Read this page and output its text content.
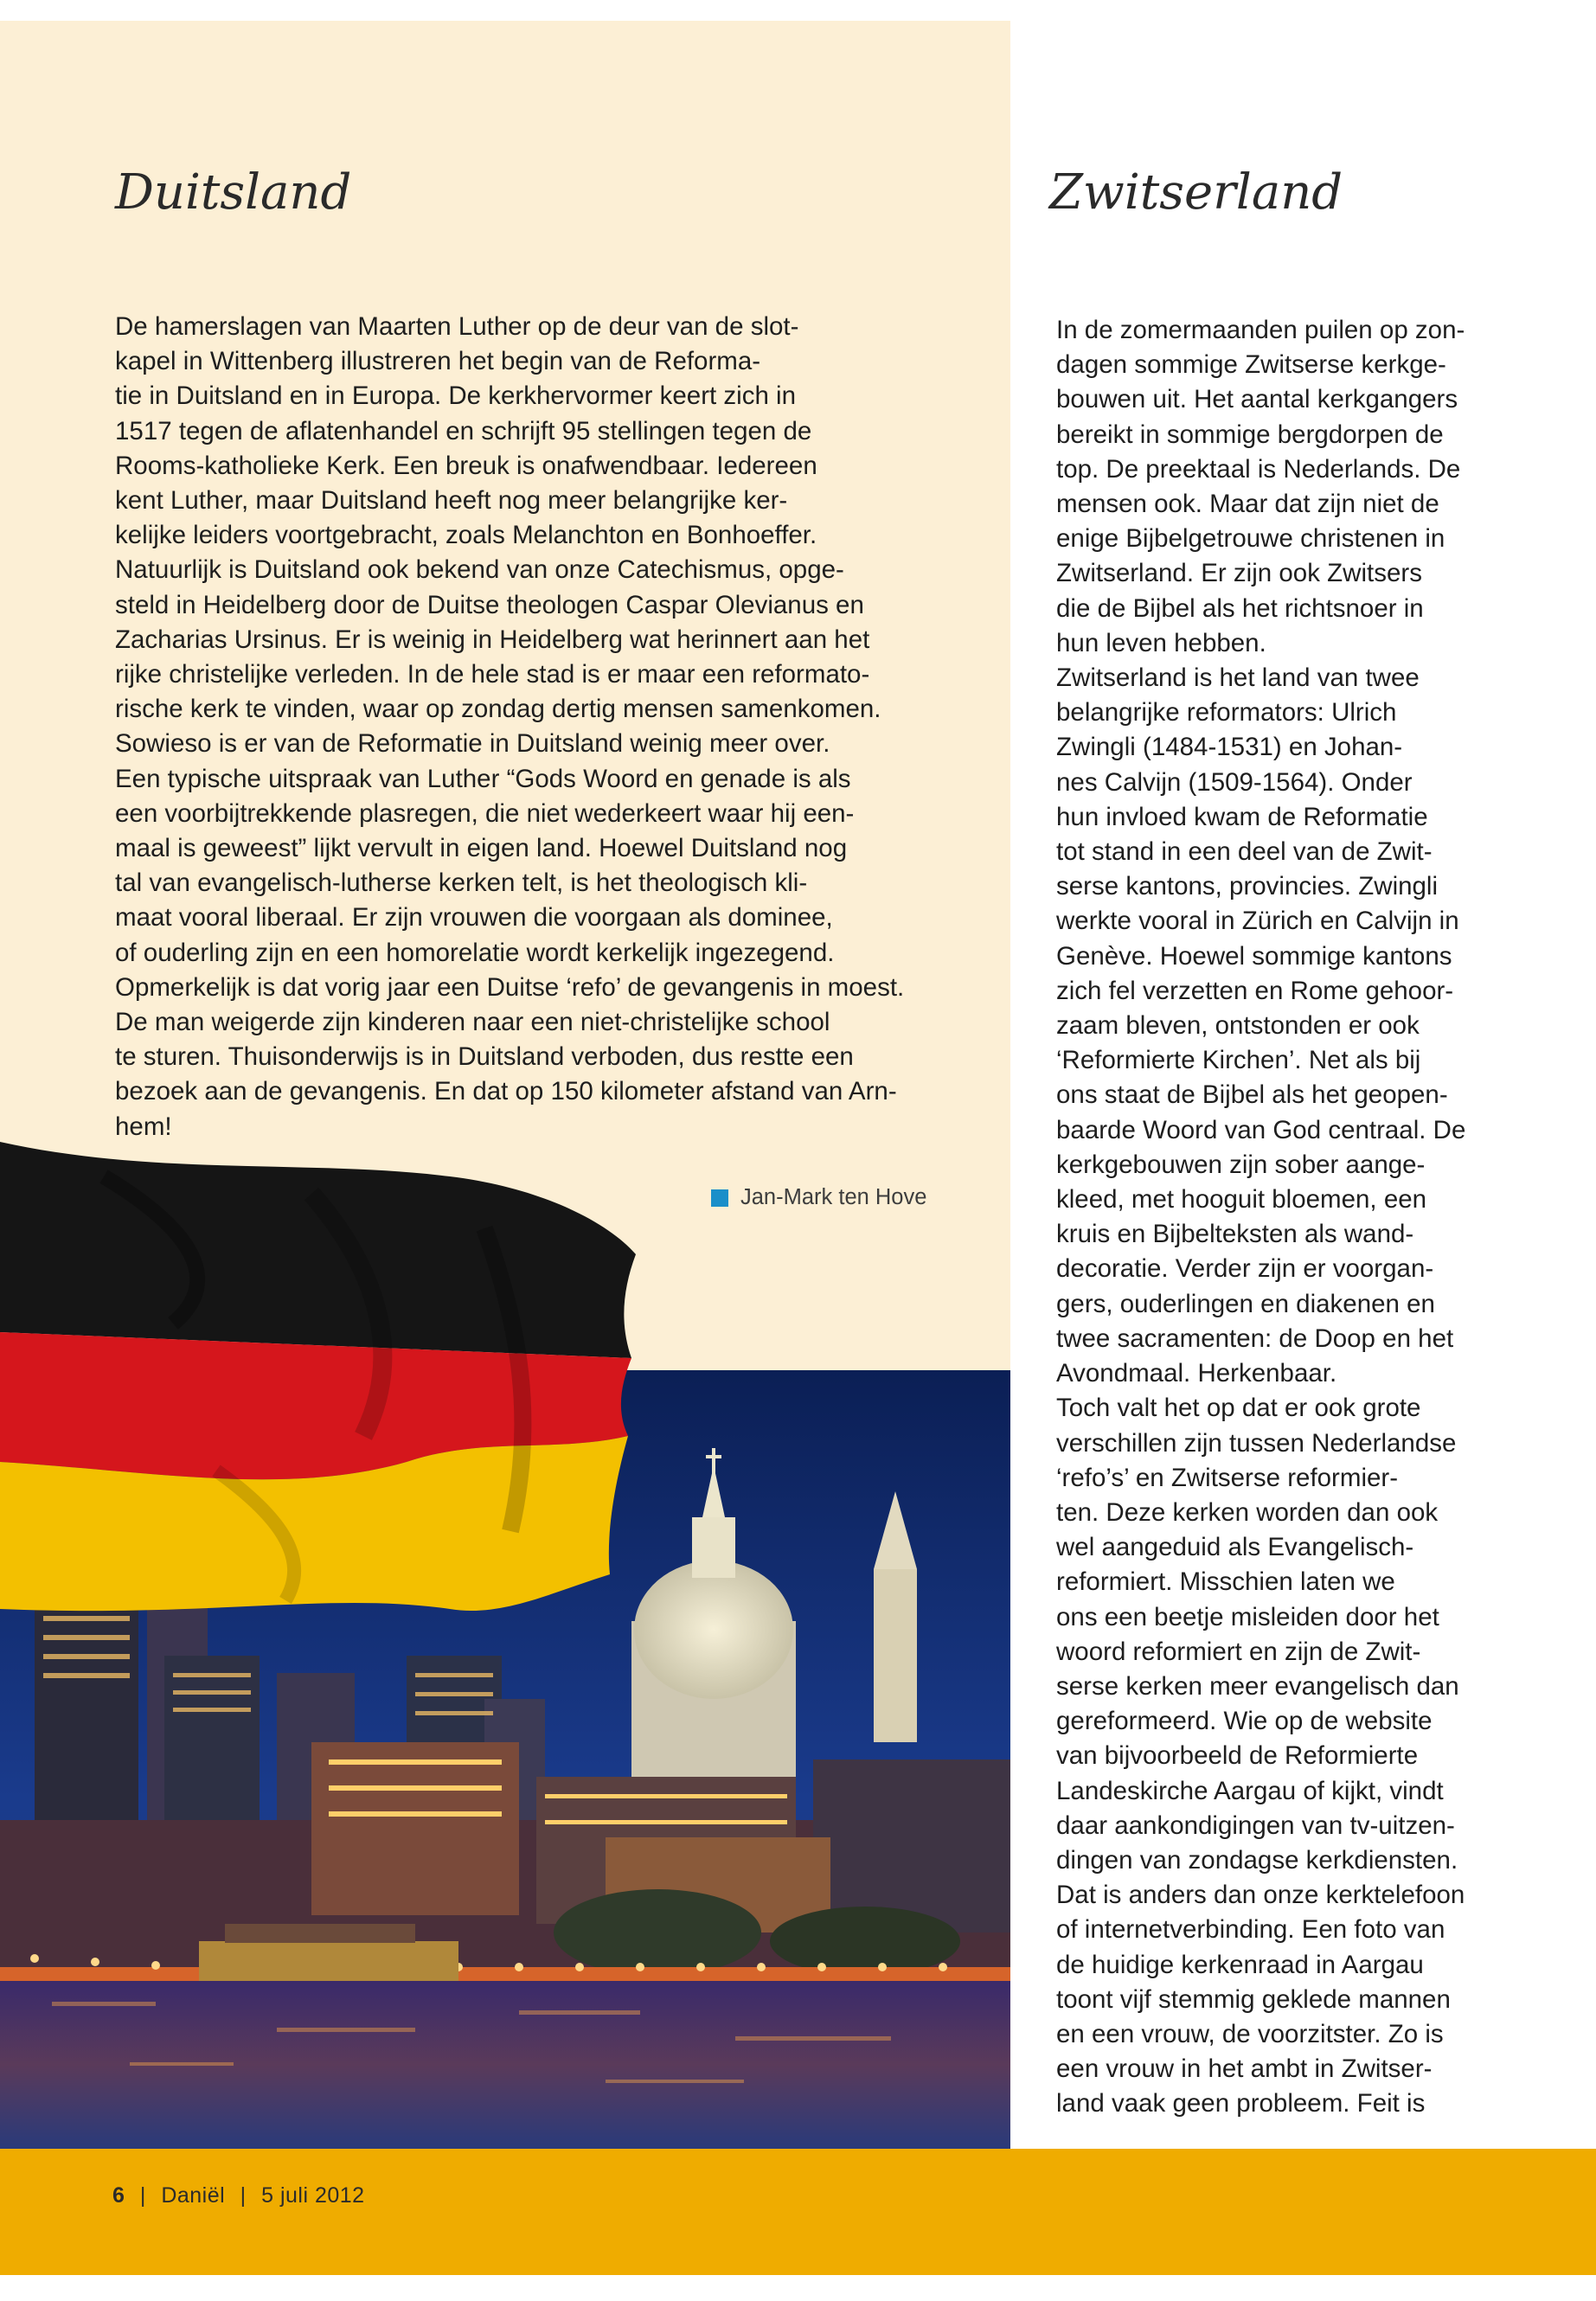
Duitsland	Zwitserland

De hamerslagen van Maarten Luther op de deur van de slot-
kapel in Wittenberg illustreren het begin van de Reforma-
tie in Duitsland en in Europa. De kerkhervormer keert zich in
1517 tegen de aflatenhandel en schrijft 95 stellingen tegen de
Rooms-katholieke Kerk. Een breuk is onafwendbaar. Iedereen
kent Luther, maar Duitsland heeft nog meer belangrijke ker-
kelijke leiders voortgebracht, zoals Melanchton en Bonhoeffer.
Natuurlijk is Duitsland ook bekend van onze Catechismus, opge-
steld in Heidelberg door de Duitse theologen Caspar Olevianus en
Zacharias Ursinus. Er is weinig in Heidelberg wat herinnert aan het
rijke christelijke verleden. In de hele stad is er maar een reformato-
rische kerk te vinden, waar op zondag dertig mensen samenkomen.
Sowieso is er van de Reformatie in Duitsland weinig meer over.
Een typische uitspraak van Luther “Gods Woord en genade is als
een voorbijtrekkende plasregen, die niet wederkeert waar hij een-
maal is geweest” lijkt vervult in eigen land. Hoewel Duitsland nog
tal van evangelisch-lutherse kerken telt, is het theologisch kli-
maat vooral liberaal. Er zijn vrouwen die voorgaan als dominee,
of ouderling zijn en een homorelatie wordt kerkelijk ingezegend.
Opmerkelijk is dat vorig jaar een Duitse ‘refo’ de gevangenis in moest.
De man weigerde zijn kinderen naar een niet-christelijke school
te sturen. Thuisonderwijs is in Duitsland verboden, dus restte een
bezoek aan de gevangenis. En dat op 150 kilometer afstand van Arn-
hem!

Jan-Mark ten Hove

In de zomermaanden puilen op zon-
dagen sommige Zwitserse kerkge-
bouwen uit. Het aantal kerkgangers
bereikt in sommige bergdorpen de
top. De preektaal is Nederlands. De
mensen ook. Maar dat zijn niet de
enige Bijbelgetrouwe christenen in
Zwitserland. Er zijn ook Zwitsers
die de Bijbel als het richtsnoer in
hun leven hebben.
Zwitserland is het land van twee
belangrijke reformators: Ulrich
Zwingli (1484-1531) en Johan-
nes Calvijn (1509-1564). Onder
hun invloed kwam de Reformatie
tot stand in een deel van de Zwit-
serse kantons, provincies. Zwingli
werkte vooral in Zürich en Calvijn in
Genève. Hoewel sommige kantons
zich fel verzetten en Rome gehoor-
zaam bleven, ontstonden er ook
‘Reformierte Kirchen’. Net als bij
ons staat de Bijbel als het geopen-
baarde Woord van God centraal. De
kerkgebouwen zijn sober aange-
kleed, met hooguit bloemen, een
kruis en Bijbelteksten als wand-
decoratie. Verder zijn er voorgan-
gers, ouderlingen en diakenen en
twee sacramenten: de Doop en het
Avondmaal. Herkenbaar.
Toch valt het op dat er ook grote
verschillen zijn tussen Nederlandse
‘refo’s’ en Zwitserse reformier-
ten. Deze kerken worden dan ook
wel aangeduid als Evangelisch-
reformiert. Misschien laten we
ons een beetje misleiden door het
woord reformiert en zijn de Zwit-
serse kerken meer evangelisch dan
gereformeerd. Wie op de website
van bijvoorbeeld de Reformierte
Landeskirche Aargau of kijkt, vindt
daar aankondigingen van tv-uitzen-
dingen van zondagse kerkdiensten.
Dat is anders dan onze kerktelefoon
of internetverbinding. Een foto van
de huidige kerkenraad in Aargau
toont vijf stemmig geklede mannen
en een vrouw, de voorzitster. Zo is
een vrouw in het ambt in Zwitser-
land vaak geen probleem. Feit is

6 | Daniël | 5 juli 2012
